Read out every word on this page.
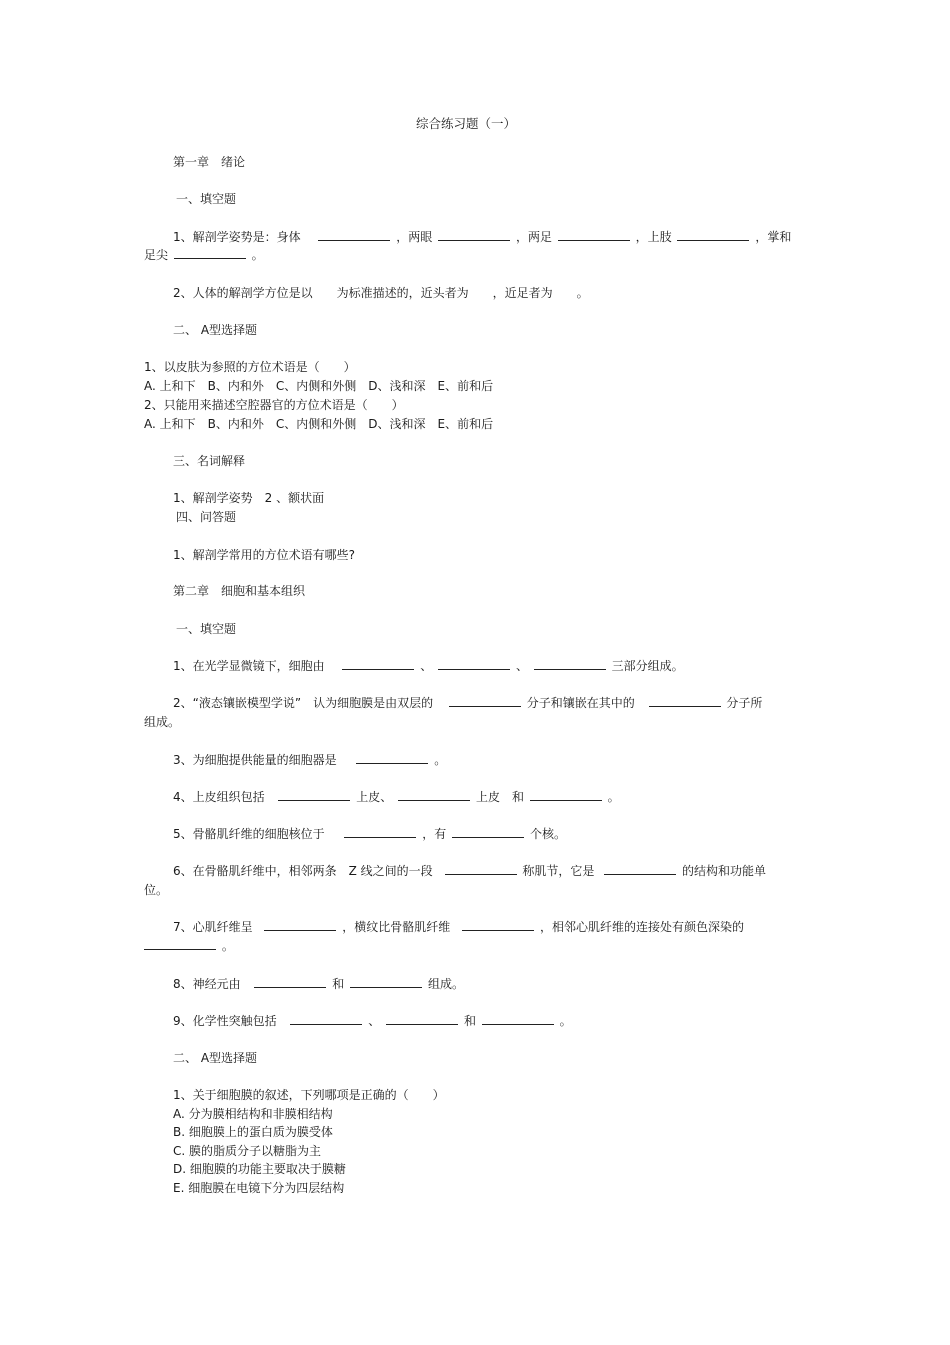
综合练习题（一）
第一章　绪论
一、填空题
1、解剖学姿势是：身体	，两眼	，两足	，上肢	，掌和
足尖	。
2、人体的解剖学方位是以　　为标准描述的，近头者为　　，近足者为　　。
二、 A型选择题
1、以皮肤为参照的方位术语是（　　）
A. 上和下　B、内和外　C、内侧和外侧　D、浅和深　E、前和后
2、只能用来描述空腔器官的方位术语是（　　）
A. 上和下　B、内和外　C、内侧和外侧　D、浅和深　E、前和后
三、名词解释
1、解剖学姿势　2 、额状面
四、问答题
1、解剖学常用的方位术语有哪些?
第二章　细胞和基本组织
一、填空题
1、在光学显微镜下，细胞由	、	、	三部分组成。
2、“液态镶嵌模型学说”　认为细胞膜是由双层的	分子和镶嵌在其中的	分子所
组成。
3、为细胞提供能量的细胞器是	。
4、上皮组织包括	上皮、	上皮　和	。
5、骨骼肌纤维的细胞核位于	，有	个核。
6、在骨骼肌纤维中，相邻两条　Z 线之间的一段	称肌节，它是	的结构和功能单
位。
7、心肌纤维呈	，横纹比骨骼肌纤维	，相邻心肌纤维的连接处有颜色深染的
。
8、神经元由	和	组成。
9、化学性突触包括	、	和	。
二、 A型选择题
1、关于细胞膜的叙述，下列哪项是正确的（　　）
A. 分为膜相结构和非膜相结构
B. 细胞膜上的蛋白质为膜受体
C. 膜的脂质分子以糖脂为主
D. 细胞膜的功能主要取决于膜糖
E. 细胞膜在电镜下分为四层结构
